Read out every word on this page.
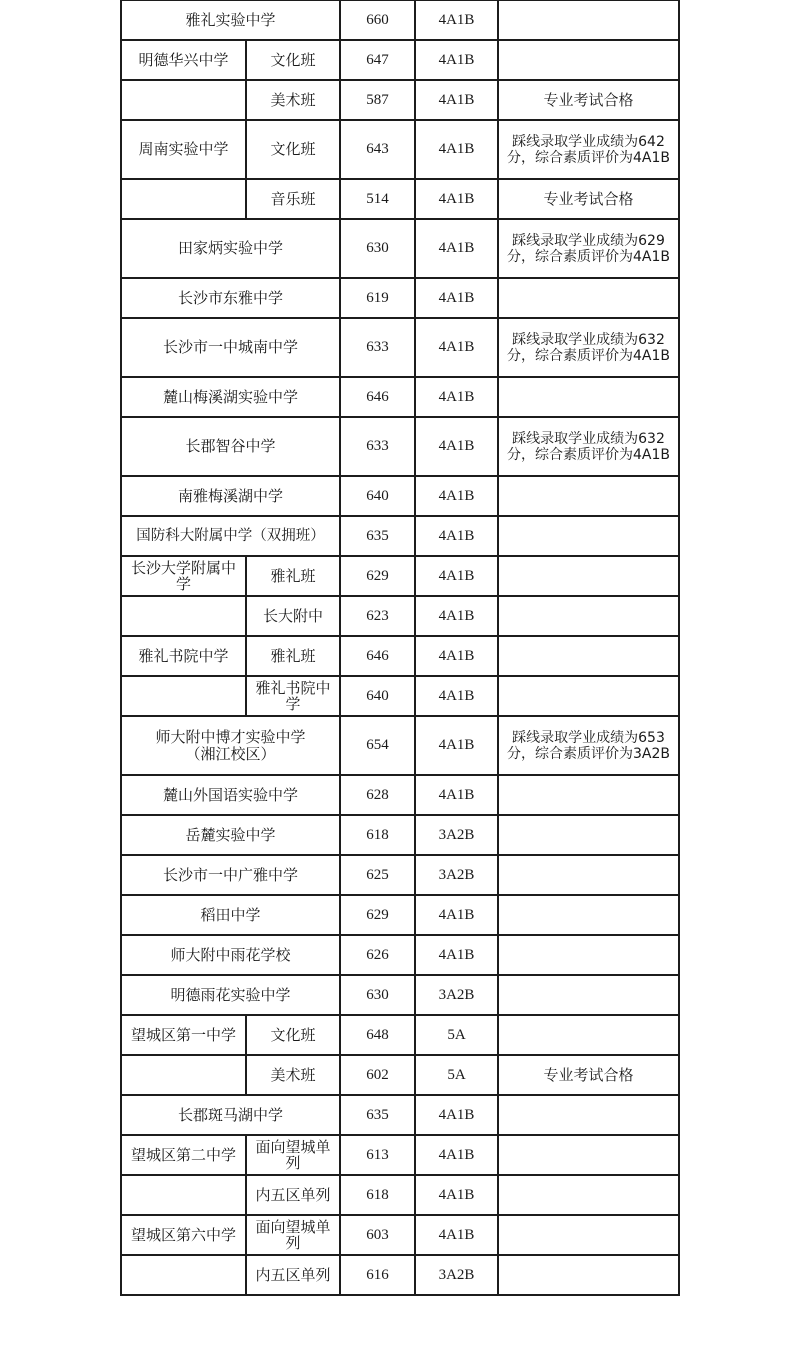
雅礼实验中学		660	4A1B	
明德华兴中学	文化班	647	4A1B	
	美术班	587	4A1B	专业考试合格
周南实验中学	文化班	643	4A1B	踩线录取学业成绩为642分，综合素质评价为4A1B
	音乐班	514	4A1B	专业考试合格
田家炳实验中学		630	4A1B	踩线录取学业成绩为629分，综合素质评价为4A1B
长沙市东雅中学		619	4A1B	
长沙市一中城南中学		633	4A1B	踩线录取学业成绩为632分，综合素质评价为4A1B
麓山梅溪湖实验中学		646	4A1B	
长郡智谷中学		633	4A1B	踩线录取学业成绩为632分，综合素质评价为4A1B
南雅梅溪湖中学		640	4A1B	
国防科大附属中学（双拥班）		635	4A1B	
长沙大学附属中学	雅礼班	629	4A1B	
	长大附中	623	4A1B	
雅礼书院中学	雅礼班	646	4A1B	
	雅礼书院中学	640	4A1B	
师大附中博才实验中学（湘江校区）		654	4A1B	踩线录取学业成绩为653分，综合素质评价为3A2B
麓山外国语实验中学		628	4A1B	
岳麓实验中学		618	3A2B	
长沙市一中广雅中学		625	3A2B	
稻田中学		629	4A1B	
师大附中雨花学校		626	4A1B	
明德雨花实验中学		630	3A2B	
望城区第一中学	文化班	648	5A	
	美术班	602	5A	专业考试合格
长郡斑马湖中学		635	4A1B	
望城区第二中学	面向望城单列	613	4A1B	
	内五区单列	618	4A1B	
望城区第六中学	面向望城单列	603	4A1B	
	内五区单列	616	3A2B	
